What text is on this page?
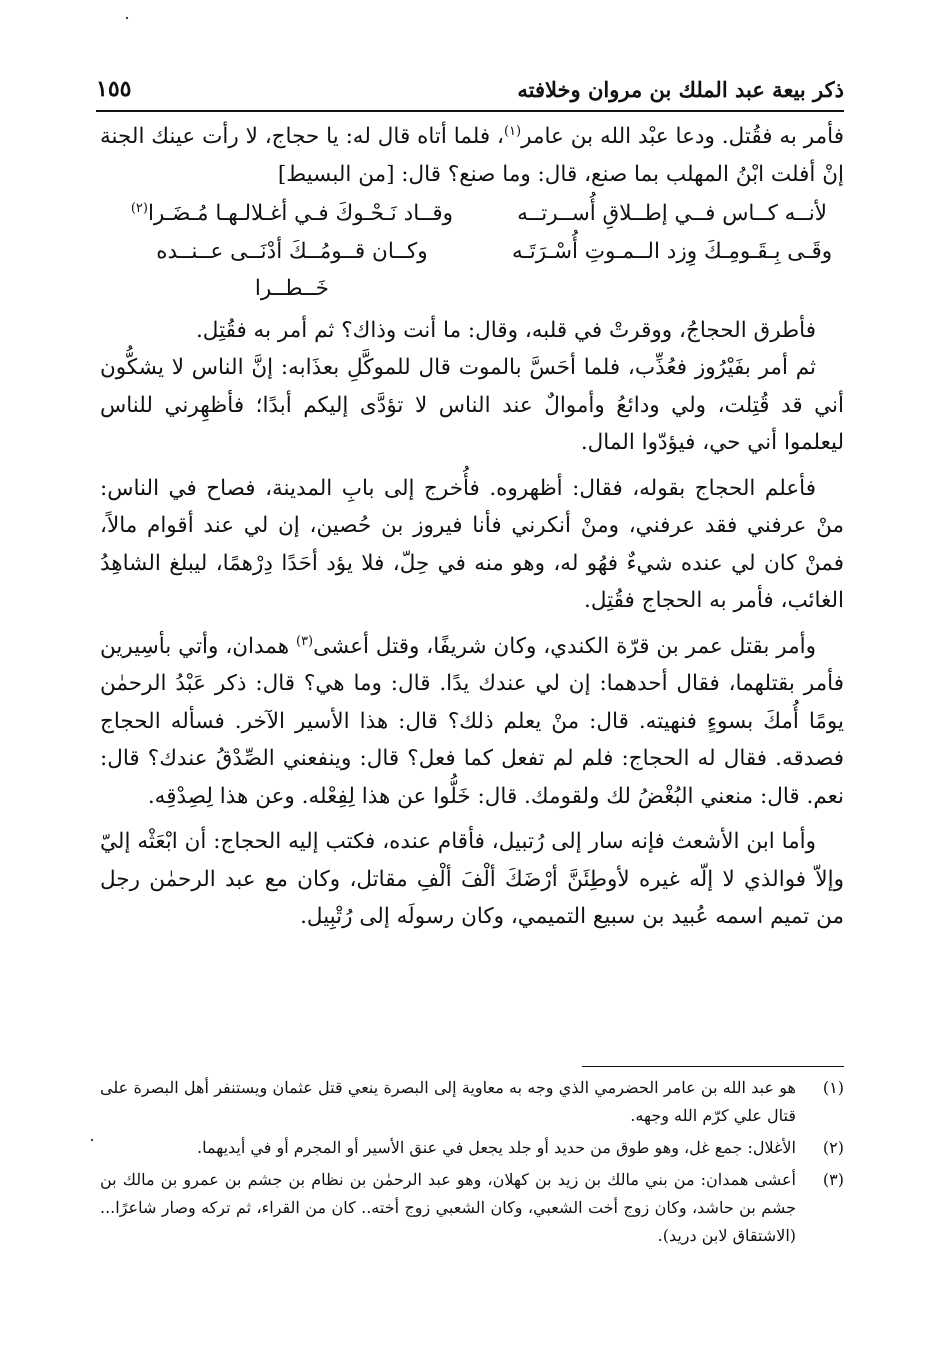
ذكر بيعة عبد الملك بن مروان وخلافته
١٥٥

فأمر به فقُتل. ودعا عبْد الله بن عامر$^{(١)}$، فلما أتاه قال له: يا حجاج، لا رأت عينك الجنة إنْ أفلت ابْنُ المهلب بما صنع، قال: وما صنع؟ قال: [من البسيط]

لأنــه كــاس فــي إطــلاقِ أُســرتــه
وقــاد نَـحْـوكَ فـي أغـلالـهـا مُـضَـرا$^{(٢)}$
وقَـى بِـقَـومِـكَ وِزد الــمـوتِ أُسْـرَتَـه
وكــان قــومُــكَ أدْنَــى عــنــده خَــطــرا

فأطرق الحجاجُ، ووقرتْ في قلبه، وقال: ما أنت وذاك؟ ثم أمر به فقُتِل.

ثم أمر بفَيْرُوز فعُذِّب، فلما أحَسَّ بالموت قال للموكَّلِ بعذَابه: إنَّ الناس لا يشكُّون أني قد قُتِلت، ولي ودائعُ وأموالٌ عند الناس لا تؤدَّى إليكم أبدًا؛ فأظهِرني للناس ليعلموا أني حي، فيؤدّوا المال.

فأعلم الحجاج بقوله، فقال: أظهروه. فأُخرج إلى بابِ المدينة، فصاح في الناس: منْ عرفني فقد عرفني، ومنْ أنكرني فأنا فيروز بن حُصين، إن لي عند أقوام مالاً، فمنْ كان لي عنده شيءٌ فهُو له، وهو منه في حِلّ، فلا يؤد أحَدًا دِرْهمًا، ليبلغ الشاهِدُ الغائب، فأمر به الحجاج فقُتِل.

وأمر بقتل عمر بن قرّة الكندي، وكان شريفًا، وقتل أعشى$^{(٣)}$ همدان، وأتي بأسِيرين فأمر بقتلهما، فقال أحدهما: إن لي عندك يدًا. قال: وما هي؟ قال: ذكر عَبْدُ الرحمٰن يومًا أُمكَ بسوءٍ فنهيته. قال: منْ يعلم ذلك؟ قال: هذا الأسير الآخر. فسأله الحجاج فصدقه. فقال له الحجاج: فلم لم تفعل كما فعل؟ قال: وينفعني الصِّدْقُ عندك؟ قال: نعم. قال: منعني البُغْضُ لك ولقومك. قال: خَلُّوا عن هذا لِفِعْله. وعن هذا لِصِدْقِه.

وأما ابن الأشعث فإنه سار إلى رُتبيل، فأقام عنده، فكتب إليه الحجاج: أن ابْعَثْه إليّ وإلاّ فوالذي لا إلّه غيره لأوطِئَنَّ أرْضَكَ ألْفَ ألْفِ مقاتل، وكان مع عبد الرحمٰن رجل من تميم اسمه عُبيد بن سبيع التميمي، وكان رسولَه إلى رُتْبِيل.

(١)
هو عبد الله بن عامر الحضرمي الذي وجه به معاوية إلى البصرة ينعي قتل عثمان ويستنفر أهل البصرة على قتال علي كرّم الله وجهه.
(٢)
الأغلال: جمع غل، وهو طوق من حديد أو جلد يجعل في عنق الأسير أو المجرم أو في أيديهما.
(٣)
أعشى همدان: من بني مالك بن زيد بن كهلان، وهو عبد الرحمٰن بن نظام بن جشم بن عمرو بن مالك بن جشم بن حاشد، وكان زوج أخت الشعبي، وكان الشعبي زوج أخته.. كان من القراء، ثم تركه وصار شاعرًا... (الاشتقاق لابن دريد).
